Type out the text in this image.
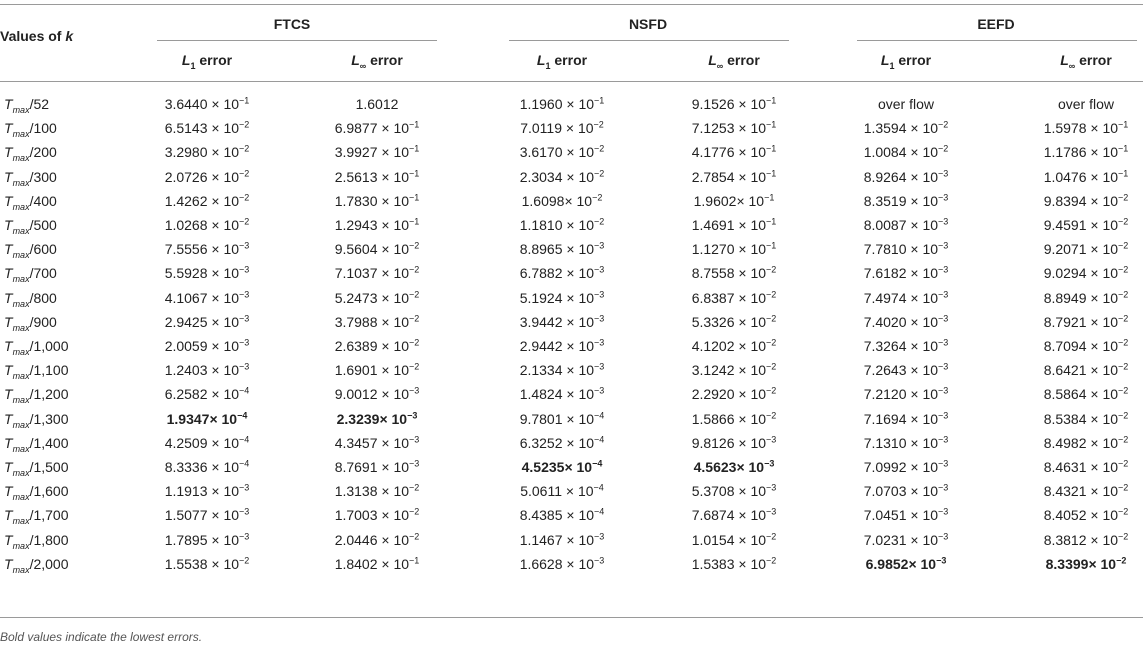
Values of k
FTCS
$L_1$ error	$L_\infty$ error
NSFD
$L_1$ error	$L_\infty$ error
EEFD
$L_1$ error	$L_\infty$ error
$T_{max}/52$	$3.6440 \times 10^{-1}$	1.6012	$1.1960 \times 10^{-1}$	$9.1526 \times 10^{-1}$	over flow	over flow
$T_{max}/100$	$6.5143 \times 10^{-2}$	$6.9877 \times 10^{-1}$	$7.0119 \times 10^{-2}$	$7.1253 \times 10^{-1}$	$1.3594 \times 10^{-2}$	$1.5978 \times 10^{-1}$
$T_{max}/200$	$3.2980 \times 10^{-2}$	$3.9927 \times 10^{-1}$	$3.6170 \times 10^{-2}$	$4.1776 \times 10^{-1}$	$1.0084 \times 10^{-2}$	$1.1786 \times 10^{-1}$
$T_{max}/300$	$2.0726 \times 10^{-2}$	$2.5613 \times 10^{-1}$	$2.3034 \times 10^{-2}$	$2.7854 \times 10^{-1}$	$8.9264 \times 10^{-3}$	$1.0476 \times 10^{-1}$
$T_{max}/400$	$1.4262 \times 10^{-2}$	$1.7830 \times 10^{-1}$	$1.6098\times 10^{-2}$	$1.9602\times 10^{-1}$	$8.3519 \times 10^{-3}$	$9.8394 \times 10^{-2}$
$T_{max}/500$	$1.0268 \times 10^{-2}$	$1.2943 \times 10^{-1}$	$1.1810 \times 10^{-2}$	$1.4691 \times 10^{-1}$	$8.0087 \times 10^{-3}$	$9.4591 \times 10^{-2}$
$T_{max}/600$	$7.5556 \times 10^{-3}$	$9.5604 \times 10^{-2}$	$8.8965 \times 10^{-3}$	$1.1270 \times 10^{-1}$	$7.7810 \times 10^{-3}$	$9.2071 \times 10^{-2}$
$T_{max}/700$	$5.5928 \times 10^{-3}$	$7.1037 \times 10^{-2}$	$6.7882 \times 10^{-3}$	$8.7558 \times 10^{-2}$	$7.6182 \times 10^{-3}$	$9.0294 \times 10^{-2}$
$T_{max}/800$	$4.1067 \times 10^{-3}$	$5.2473 \times 10^{-2}$	$5.1924 \times 10^{-3}$	$6.8387 \times 10^{-2}$	$7.4974 \times 10^{-3}$	$8.8949 \times 10^{-2}$
$T_{max}/900$	$2.9425 \times 10^{-3}$	$3.7988 \times 10^{-2}$	$3.9442 \times 10^{-3}$	$5.3326 \times 10^{-2}$	$7.4020 \times 10^{-3}$	$8.7921 \times 10^{-2}$
$T_{max}/1,000$	$2.0059 \times 10^{-3}$	$2.6389 \times 10^{-2}$	$2.9442 \times 10^{-3}$	$4.1202 \times 10^{-2}$	$7.3264 \times 10^{-3}$	$8.7094 \times 10^{-2}$
$T_{max}/1,100$	$1.2403 \times 10^{-3}$	$1.6901 \times 10^{-2}$	$2.1334 \times 10^{-3}$	$3.1242 \times 10^{-2}$	$7.2643 \times 10^{-3}$	$8.6421 \times 10^{-2}$
$T_{max}/1,200$	$6.2582 \times 10^{-4}$	$9.0012 \times 10^{-3}$	$1.4824 \times 10^{-3}$	$2.2920 \times 10^{-2}$	$7.2120 \times 10^{-3}$	$8.5864 \times 10^{-2}$
$T_{max}/1,300$	$1.9347\times 10^{-4}$	$2.3239\times 10^{-3}$	$9.7801 \times 10^{-4}$	$1.5866 \times 10^{-2}$	$7.1694 \times 10^{-3}$	$8.5384 \times 10^{-2}$
$T_{max}/1,400$	$4.2509 \times 10^{-4}$	$4.3457 \times 10^{-3}$	$6.3252 \times 10^{-4}$	$9.8126 \times 10^{-3}$	$7.1310 \times 10^{-3}$	$8.4982 \times 10^{-2}$
$T_{max}/1,500$	$8.3336 \times 10^{-4}$	$8.7691 \times 10^{-3}$	$4.5235\times 10^{-4}$	$4.5623\times 10^{-3}$	$7.0992 \times 10^{-3}$	$8.4631 \times 10^{-2}$
$T_{max}/1,600$	$1.1913 \times 10^{-3}$	$1.3138 \times 10^{-2}$	$5.0611 \times 10^{-4}$	$5.3708 \times 10^{-3}$	$7.0703 \times 10^{-3}$	$8.4321 \times 10^{-2}$
$T_{max}/1,700$	$1.5077 \times 10^{-3}$	$1.7003 \times 10^{-2}$	$8.4385 \times 10^{-4}$	$7.6874 \times 10^{-3}$	$7.0451 \times 10^{-3}$	$8.4052 \times 10^{-2}$
$T_{max}/1,800$	$1.7895 \times 10^{-3}$	$2.0446 \times 10^{-2}$	$1.1467 \times 10^{-3}$	$1.0154 \times 10^{-2}$	$7.0231 \times 10^{-3}$	$8.3812 \times 10^{-2}$
$T_{max}/2,000$	$1.5538 \times 10^{-2}$	$1.8402 \times 10^{-1}$	$1.6628 \times 10^{-3}$	$1.5383 \times 10^{-2}$	$6.9852\times 10^{-3}$	$8.3399\times 10^{-2}$
Bold values indicate the lowest errors.
